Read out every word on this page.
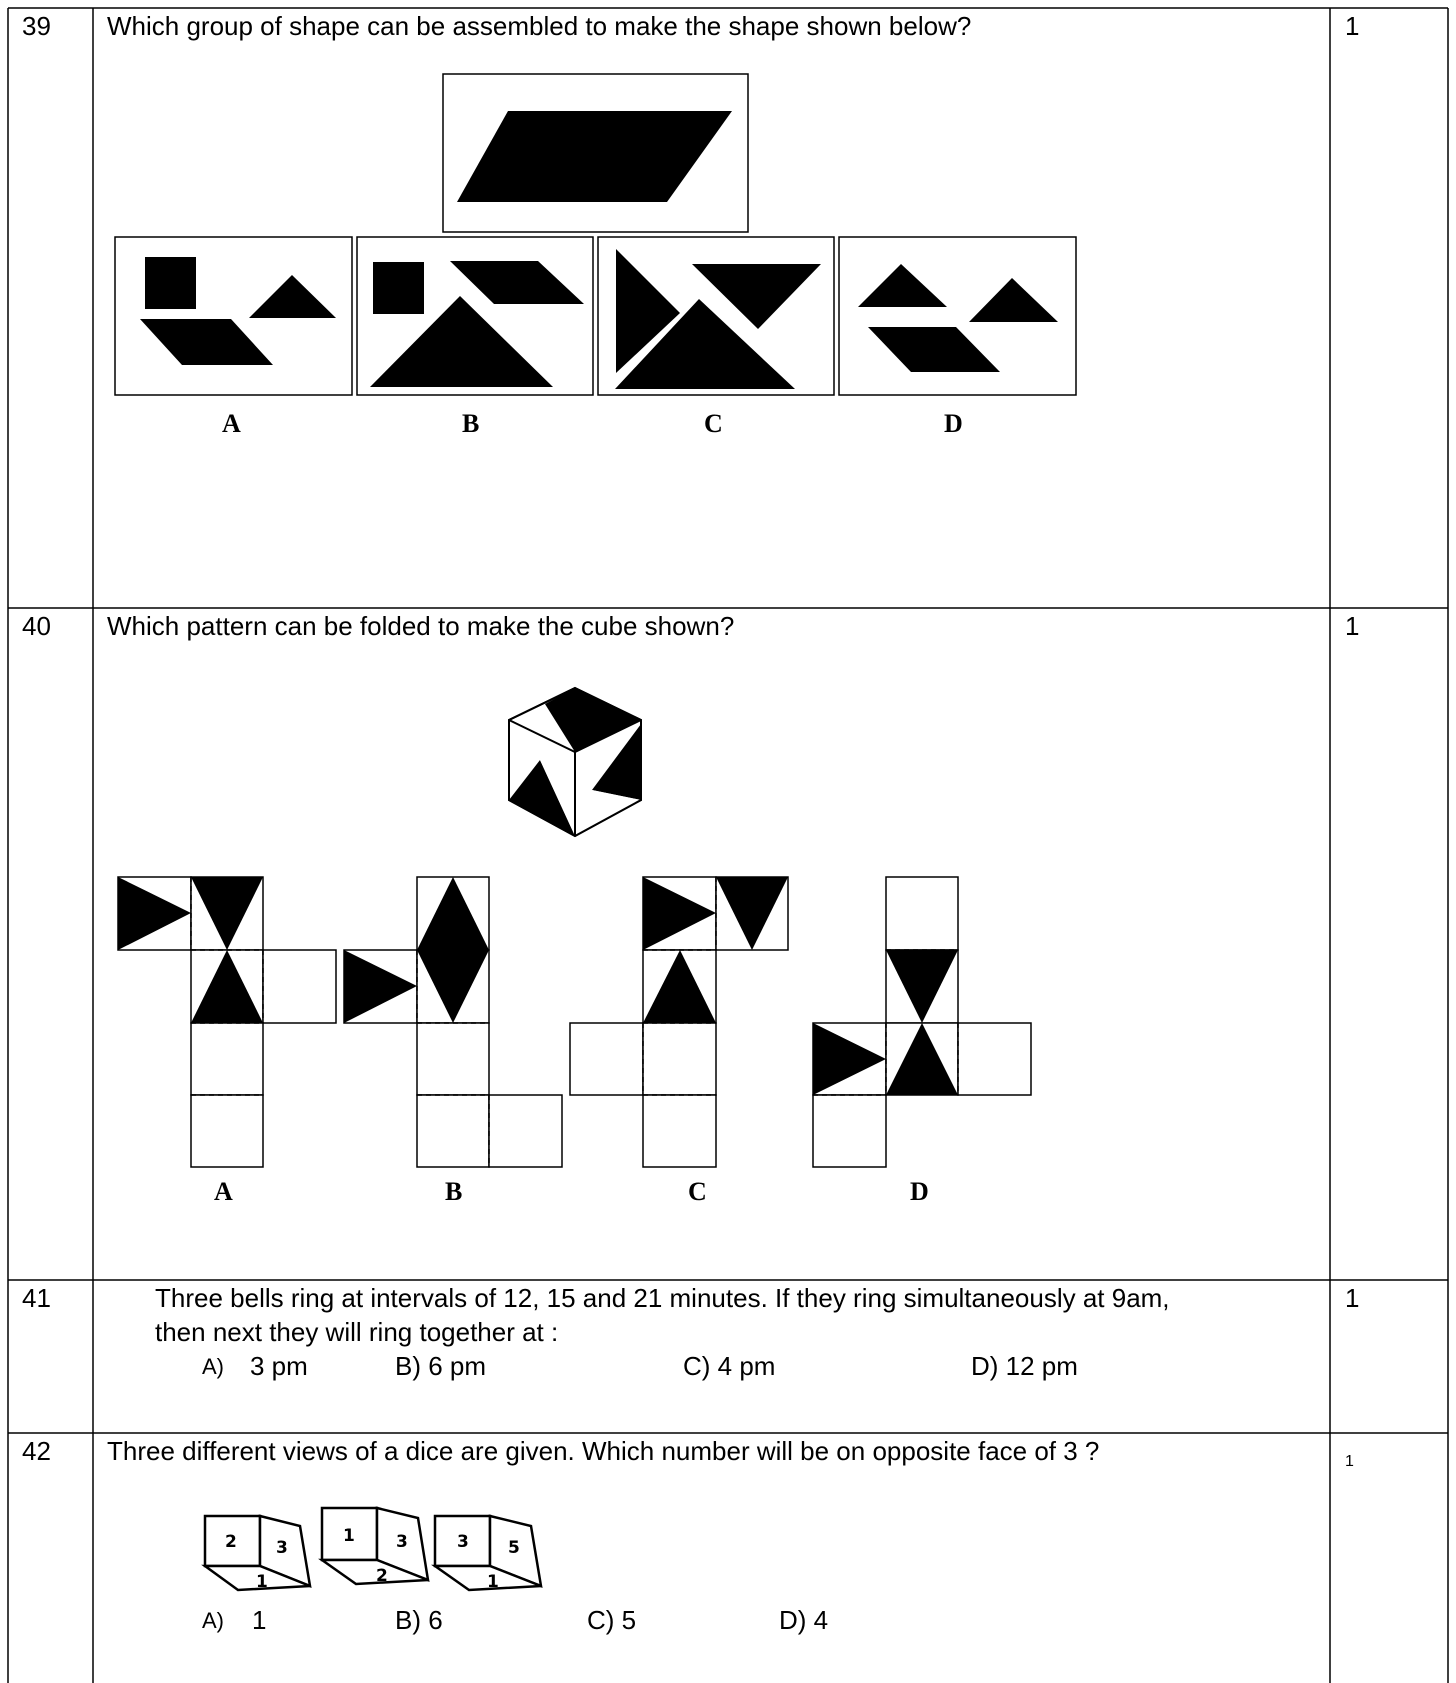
39 Which group of shape can be assembled to make the shape shown below?	1
A	B	C	D
40 Which pattern can be folded to make the cube shown?	1
A	B	C	D
41	Three bells ring at intervals of 12, 15 and 21 minutes. If they ring simultaneously at 9am,
then next they will ring together at :
1
A) 3 pm	B) 6 pm	C) 4 pm	D) 12 pm
42 Three different views of a dice are given. Which number will be on opposite face of 3 ?	1
2 3
1
1 3
2
3 5
1
A) 1	B) 6	C) 5	D) 4
